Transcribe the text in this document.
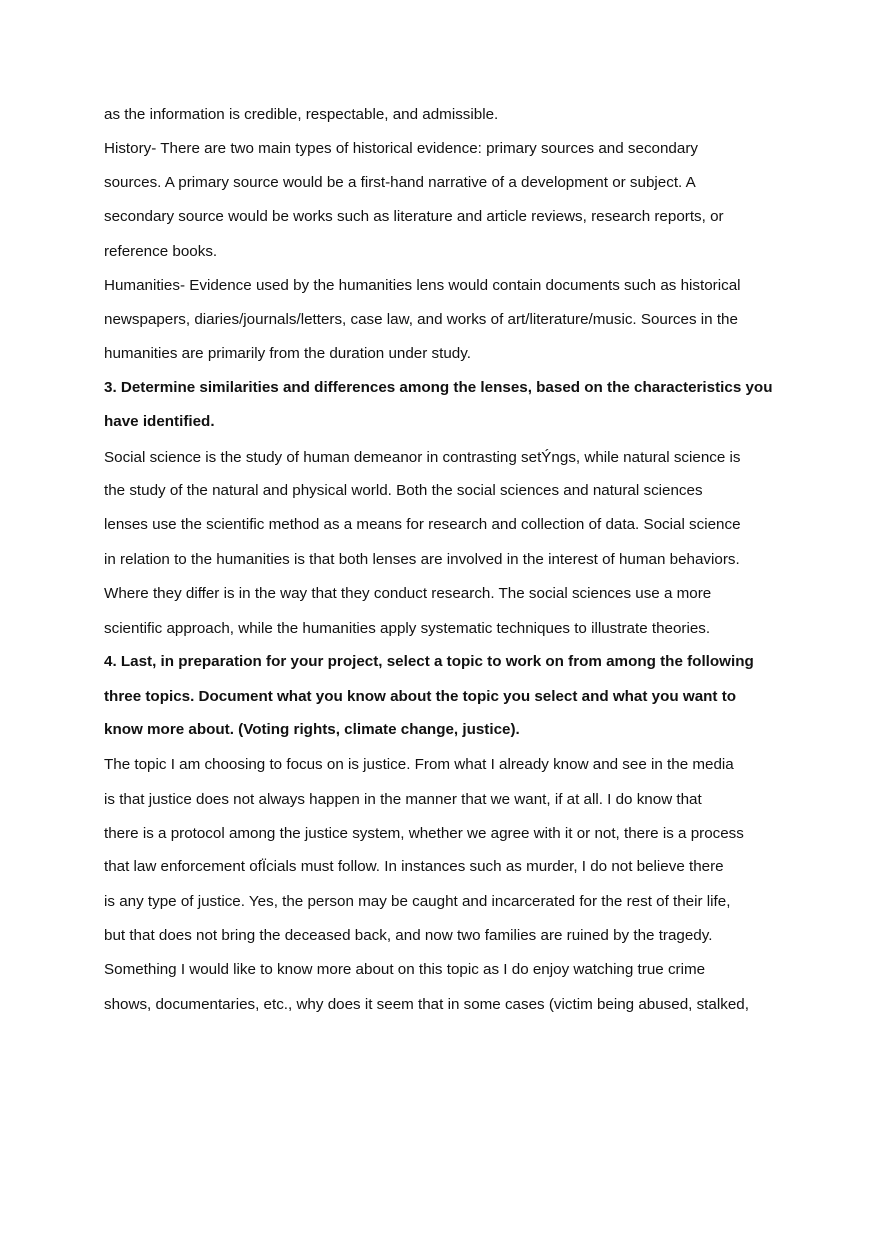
as the information is credible, respectable, and admissible.
History- There are two main types of historical evidence: primary sources and secondary
sources. A primary source would be a first-hand narrative of a development or subject. A
secondary source would be works such as literature and article reviews, research reports, or
reference books.
Humanities- Evidence used by the humanities lens would contain documents such as historical
newspapers, diaries/journals/letters, case law, and works of art/literature/music. Sources in the
humanities are primarily from the duration under study.
3. Determine similarities and differences among the lenses, based on the characteristics you
have identified.
Social science is the study of human demeanor in contrasting setÝngs, while natural science is
the study of the natural and physical world. Both the social sciences and natural sciences
lenses use the scientific method as a means for research and collection of data. Social science
in relation to the humanities is that both lenses are involved in the interest of human behaviors.
Where they differ is in the way that they conduct research. The social sciences use a more
scientific approach, while the humanities apply systematic techniques to illustrate theories.
4. Last, in preparation for your project, select a topic to work on from among the following
three topics. Document what you know about the topic you select and what you want to
know more about. (Voting rights, climate change, justice).
The topic I am choosing to focus on is justice. From what I already know and see in the media
is that justice does not always happen in the manner that we want, if at all. I do know that
there is a protocol among the justice system, whether we agree with it or not, there is a process
that law enforcement ofÏcials must follow. In instances such as murder, I do not believe there
is any type of justice. Yes, the person may be caught and incarcerated for the rest of their life,
but that does not bring the deceased back, and now two families are ruined by the tragedy.
Something I would like to know more about on this topic as I do enjoy watching true crime
shows, documentaries, etc., why does it seem that in some cases (victim being abused, stalked,
